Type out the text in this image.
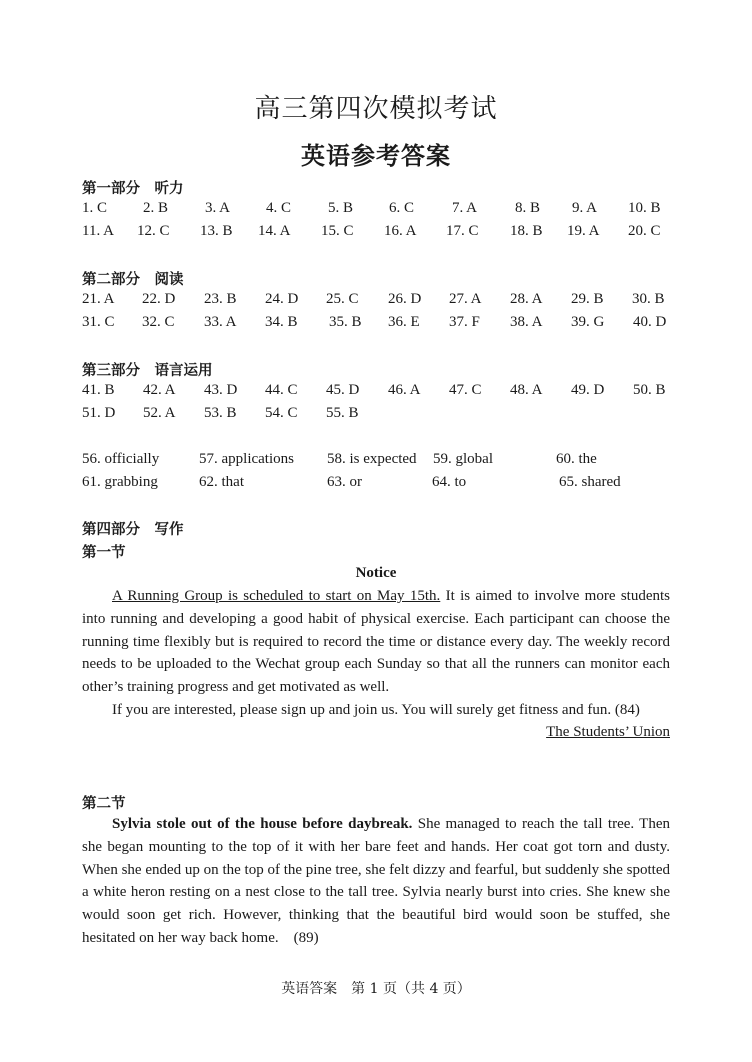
高三第四次模拟考试
英语参考答案
第一部分　听力
1. C 2. B 3. A 4. C 5. B 6. C	7. A	8. B 9. A 10. B
11. A 12. C 13. B 14. A 15. C 16. A 17. C 18. B 19. A 20. C
第二部分　阅读
21. A 22. D 23. B 24. D 25. C 26. D 27. A 28. A 29. B 30. B
31. C 32. C 33. A 34. B 35. B 36. E 37. F 38. A 39. G 40. D
第三部分　语言运用
41. B 42. A 43. D 44. C 45. D 46. A 47. C 48. A 49. D 50. B
51. D 52. A 53. B 54. C 55. B
56. officially	57. applications 58. is expected 59. global	60. the
61. grabbing	62. that	63. or	64. to	65. shared
第四部分　写作
第一节
Notice
A Running Group is scheduled to start on May 15th. It is aimed to involve more students into running and developing a good habit of physical exercise. Each participant can choose the running time flexibly but is required to record the time or distance every day. The weekly record needs to be uploaded to the Wechat group each Sunday so that all the runners can monitor each other’s training progress and get motivated as well.
If you are interested, please sign up and join us. You will surely get fitness and fun. (84)
The Students’ Union
第二节
Sylvia stole out of the house before daybreak. She managed to reach the tall tree. Then she began mounting to the top of it with her bare feet and hands. Her coat got torn and dusty. When she ended up on the top of the pine tree, she felt dizzy and fearful, but suddenly she spotted a white heron resting on a nest close to the tall tree. Sylvia nearly burst into cries. She knew she would soon get rich. However, thinking that the beautiful bird would soon be stuffed, she hesitated on her way back home.　(89)
英语答案　第 1 页（共 4 页）
